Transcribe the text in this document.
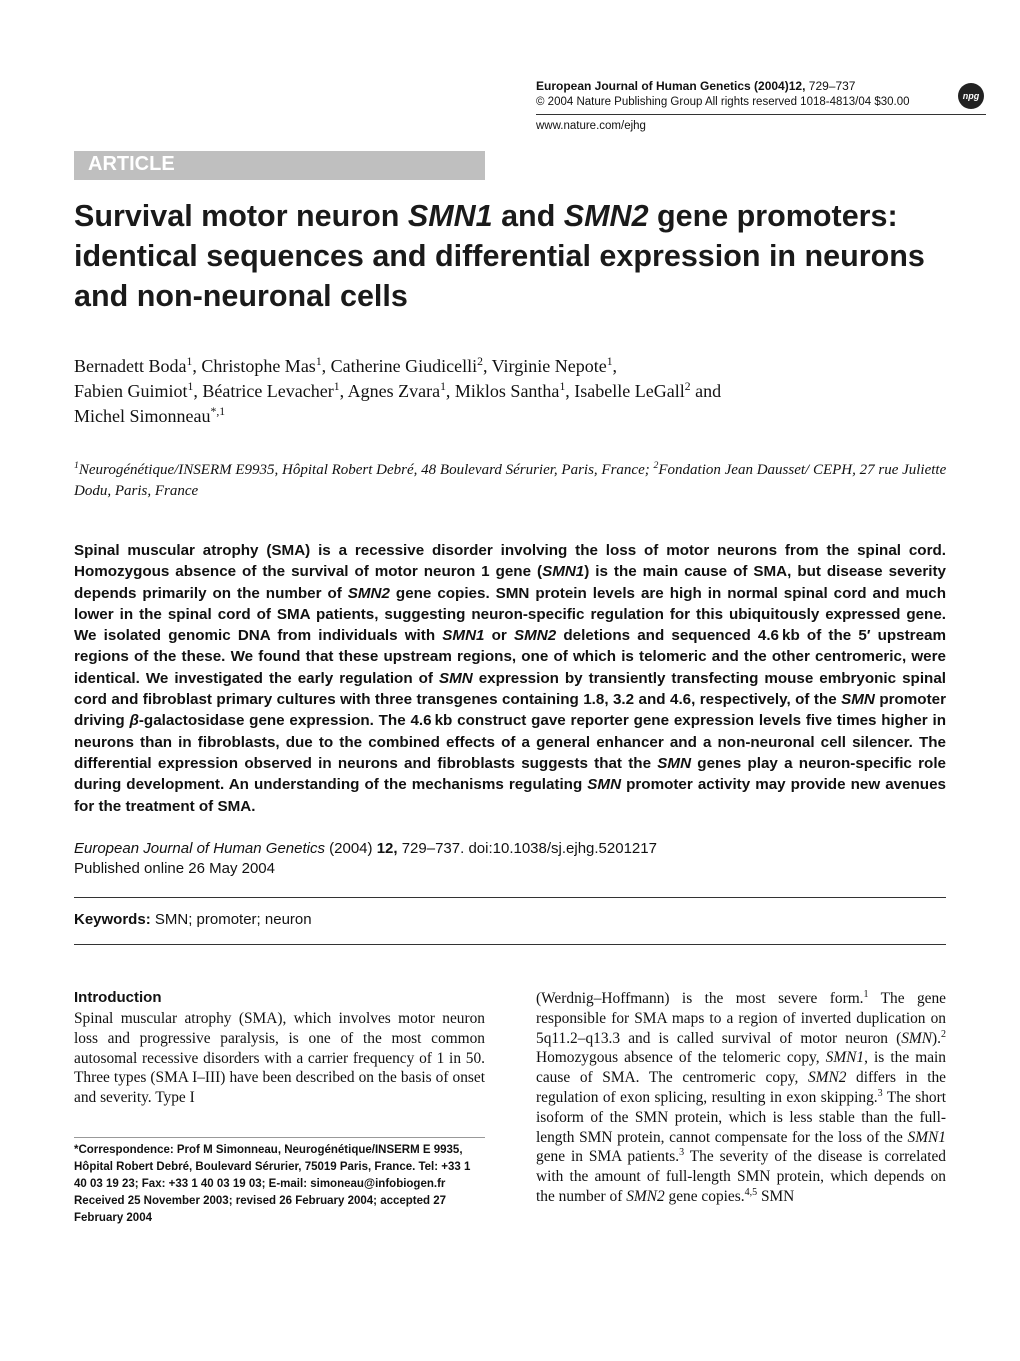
European Journal of Human Genetics (2004)12, 729–737
© 2004 Nature Publishing Group All rights reserved 1018-4813/04 $30.00	npg
www.nature.com/ejhg
ARTICLE
Survival motor neuron SMN1 and SMN2 gene promoters: identical sequences and differential expression in neurons and non-neuronal cells
Bernadett Boda$^1$, Christophe Mas$^1$, Catherine Giudicelli$^2$, Virginie Nepote$^1$,
Fabien Guimiot$^1$, Béatrice Levacher$^1$, Agnes Zvara$^1$, Miklos Santha$^1$, Isabelle LeGall$^2$ and
Michel Simonneau$^{*,1}$
$^1$Neurogénétique/INSERM E9935, Hôpital Robert Debré, 48 Boulevard Sérurier, Paris, France; $^2$Fondation Jean Dausset/ CEPH, 27 rue Juliette Dodu, Paris, France
Spinal muscular atrophy (SMA) is a recessive disorder involving the loss of motor neurons from the spinal cord. Homozygous absence of the survival of motor neuron 1 gene (SMN1) is the main cause of SMA, but disease severity depends primarily on the number of SMN2 gene copies. SMN protein levels are high in normal spinal cord and much lower in the spinal cord of SMA patients, suggesting neuron-specific regulation for this ubiquitously expressed gene. We isolated genomic DNA from individuals with SMN1 or SMN2 deletions and sequenced 4.6 kb of the 5′ upstream regions of the these. We found that these upstream regions, one of which is telomeric and the other centromeric, were identical. We investigated the early regulation of SMN expression by transiently transfecting mouse embryonic spinal cord and fibroblast primary cultures with three transgenes containing 1.8, 3.2 and 4.6, respectively, of the SMN promoter driving β-galactosidase gene expression. The 4.6 kb construct gave reporter gene expression levels five times higher in neurons than in fibroblasts, due to the combined effects of a general enhancer and a non-neuronal cell silencer. The differential expression observed in neurons and fibroblasts suggests that the SMN genes play a neuron-specific role during development. An understanding of the mechanisms regulating SMN promoter activity may provide new avenues for the treatment of SMA.
European Journal of Human Genetics (2004) 12, 729–737. doi:10.1038/sj.ejhg.5201217
Published online 26 May 2004
Keywords: SMN; promoter; neuron
Introduction
Spinal muscular atrophy (SMA), which involves motor neuron loss and progressive paralysis, is one of the most common autosomal recessive disorders with a carrier frequency of 1 in 50. Three types (SMA I–III) have been described on the basis of onset and severity. Type I
*Correspondence: Prof M Simonneau, Neurogénétique/INSERM E 9935, Hôpital Robert Debré, Boulevard Sérurier, 75019 Paris, France. Tel: +33 1 40 03 19 23; Fax: +33 1 40 03 19 03; E-mail: simoneau@infobiogen.fr
Received 25 November 2003; revised 26 February 2004; accepted 27 February 2004
(Werdnig–Hoffmann) is the most severe form.$^1$ The gene responsible for SMA maps to a region of inverted duplication on 5q11.2–q13.3 and is called survival of motor neuron (SMN).$^2$ Homozygous absence of the telomeric copy, SMN1, is the main cause of SMA. The centromeric copy, SMN2 differs in the regulation of exon splicing, resulting in exon skipping.$^3$ The short isoform of the SMN protein, which is less stable than the full-length SMN protein, cannot compensate for the loss of the SMN1 gene in SMA patients.$^3$ The severity of the disease is correlated with the amount of full-length SMN protein, which depends on the number of SMN2 gene copies.$^{4,5}$ SMN
